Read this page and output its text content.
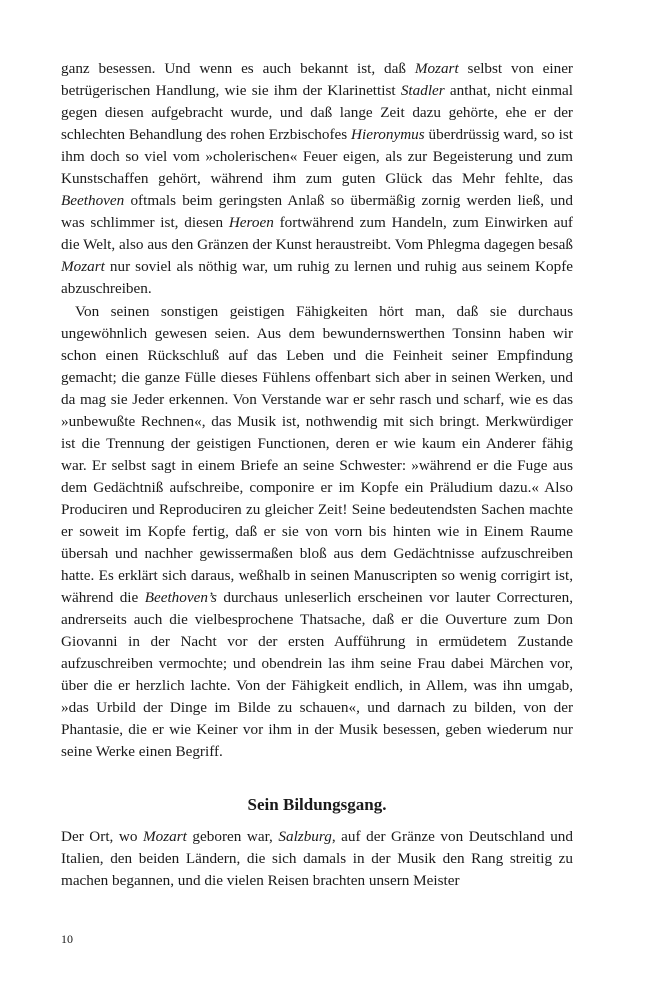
ganz besessen. Und wenn es auch bekannt ist, daß Mozart selbst von einer betrügerischen Handlung, wie sie ihm der Klarinettist Stadler anthat, nicht einmal gegen diesen aufgebracht wurde, und daß lange Zeit dazu gehörte, ehe er der schlechten Behandlung des rohen Erzbischofes Hieronymus überdrüssig ward, so ist ihm doch so viel vom »cholerischen« Feuer eigen, als zur Begeisterung und zum Kunstschaffen gehört, während ihm zum guten Glück das Mehr fehlte, das Beethoven oftmals beim geringsten Anlaß so übermäßig zornig werden ließ, und was schlimmer ist, diesen Heroen fortwährend zum Handeln, zum Einwirken auf die Welt, also aus den Gränzen der Kunst heraustreibt. Vom Phlegma dagegen besaß Mozart nur soviel als nöthig war, um ruhig zu lernen und ruhig aus seinem Kopfe abzuschreiben.

Von seinen sonstigen geistigen Fähigkeiten hört man, daß sie durchaus ungewöhnlich gewesen seien. Aus dem bewundernswerthen Tonsinn haben wir schon einen Rückschluß auf das Leben und die Feinheit seiner Empfindung gemacht; die ganze Fülle dieses Fühlens offenbart sich aber in seinen Werken, und da mag sie Jeder erkennen. Von Verstande war er sehr rasch und scharf, wie es das »unbewußte Rechnen«, das Musik ist, nothwendig mit sich bringt. Merkwürdiger ist die Trennung der geistigen Functionen, deren er wie kaum ein Anderer fähig war. Er selbst sagt in einem Briefe an seine Schwester: »während er die Fuge aus dem Gedächtniß aufschreibe, componire er im Kopfe ein Präludium dazu.« Also Produciren und Reproduciren zu gleicher Zeit! Seine bedeutendsten Sachen machte er soweit im Kopfe fertig, daß er sie von vorn bis hinten wie in Einem Raume übersah und nachher gewissermaßen bloß aus dem Gedächtnisse aufzuschreiben hatte. Es erklärt sich daraus, weßhalb in seinen Manuscripten so wenig corrigirt ist, während die Beethoven’s durchaus unleserlich erscheinen vor lauter Correcturen, andrerseits auch die vielbesprochene Thatsache, daß er die Ouverture zum Don Giovanni in der Nacht vor der ersten Aufführung in ermüdetem Zustande aufzuschreiben vermochte; und obendrein las ihm seine Frau dabei Märchen vor, über die er herzlich lachte. Von der Fähigkeit endlich, in Allem, was ihn umgab, »das Urbild der Dinge im Bilde zu schauen«, und darnach zu bilden, von der Phantasie, die er wie Keiner vor ihm in der Musik besessen, geben wiederum nur seine Werke einen Begriff.

Sein Bildungsgang.

Der Ort, wo Mozart geboren war, Salzburg, auf der Gränze von Deutschland und Italien, den beiden Ländern, die sich damals in der Musik den Rang streitig zu machen begannen, und die vielen Reisen brachten unsern Meister

10
